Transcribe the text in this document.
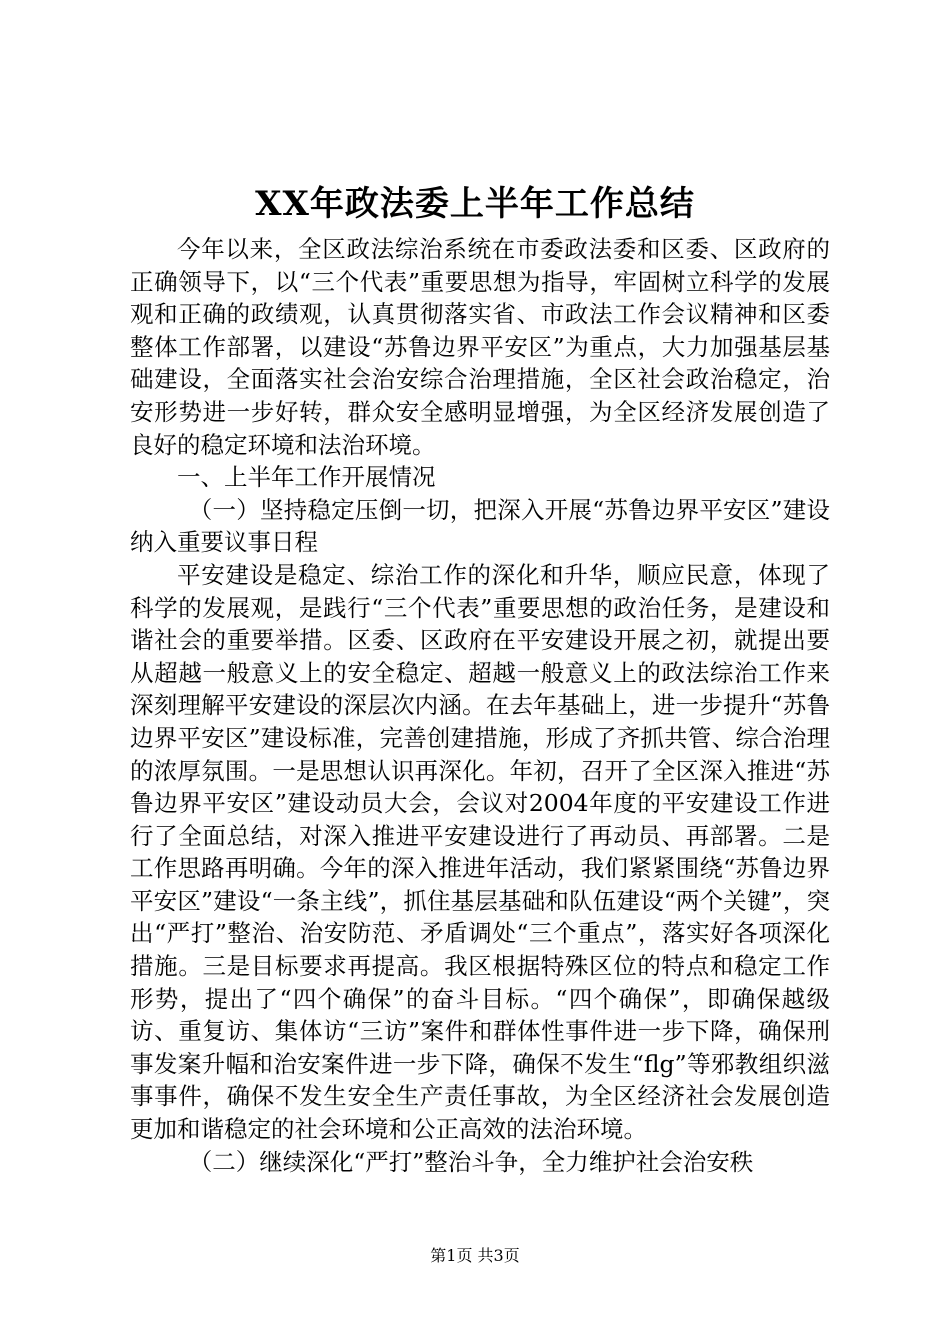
XX年政法委上半年工作总结

今年以来，全区政法综治系统在市委政法委和区委、区政府的正确领导下，以“三个代表”重要思想为指导，牢固树立科学的发展观和正确的政绩观，认真贯彻落实省、市政法工作会议精神和区委整体工作部署，以建设“苏鲁边界平安区”为重点，大力加强基层基础建设，全面落实社会治安综合治理措施，全区社会政治稳定，治安形势进一步好转，群众安全感明显增强，为全区经济发展创造了良好的稳定环境和法治环境。

一、上半年工作开展情况

（一）坚持稳定压倒一切，把深入开展“苏鲁边界平安区”建设纳入重要议事日程

平安建设是稳定、综治工作的深化和升华，顺应民意，体现了科学的发展观，是践行“三个代表”重要思想的政治任务，是建设和谐社会的重要举措。区委、区政府在平安建设开展之初，就提出要从超越一般意义上的安全稳定、超越一般意义上的政法综治工作来深刻理解平安建设的深层次内涵。在去年基础上，进一步提升“苏鲁边界平安区”建设标准，完善创建措施，形成了齐抓共管、综合治理的浓厚氛围。一是思想认识再深化。年初，召开了全区深入推进“苏鲁边界平安区”建设动员大会，会议对2004年度的平安建设工作进行了全面总结，对深入推进平安建设进行了再动员、再部署。二是工作思路再明确。今年的深入推进年活动，我们紧紧围绕“苏鲁边界平安区”建设“一条主线”，抓住基层基础和队伍建设“两个关键”，突出“严打”整治、治安防范、矛盾调处“三个重点”，落实好各项深化措施。三是目标要求再提高。我区根据特殊区位的特点和稳定工作形势，提出了“四个确保”的奋斗目标。“四个确保”，即确保越级访、重复访、集体访“三访”案件和群体性事件进一步下降，确保刑事发案升幅和治安案件进一步下降，确保不发生“flg”等邪教组织滋事事件，确保不发生安全生产责任事故，为全区经济社会发展创造更加和谐稳定的社会环境和公正高效的法治环境。

（二）继续深化“严打”整治斗争，全力维护社会治安秩

第1页 共3页
